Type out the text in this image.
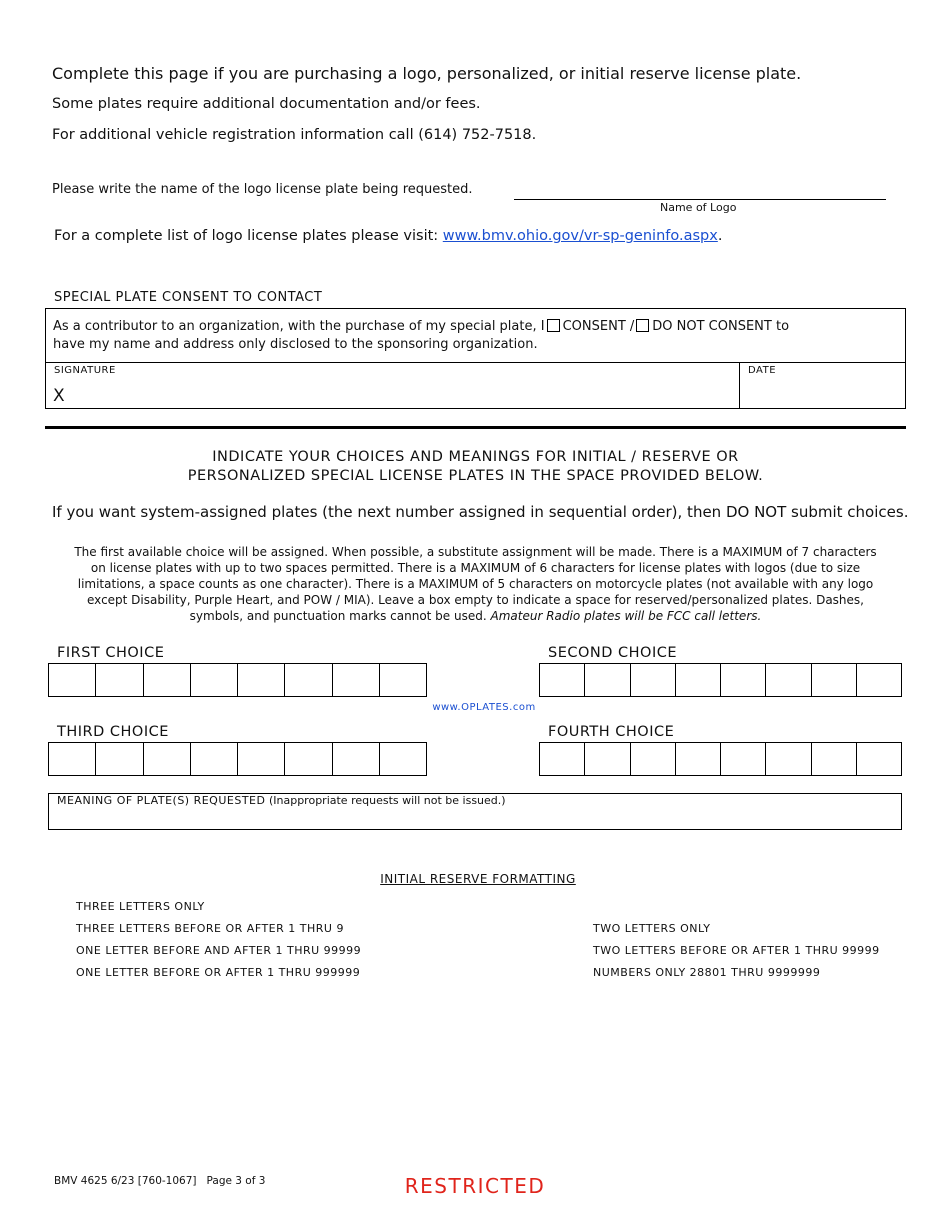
Complete this page if you are purchasing a logo, personalized, or initial reserve license plate.
Some plates require additional documentation and/or fees.
For additional vehicle registration information call (614) 752-7518.
Please write the name of the logo license plate being requested.
Name of Logo
For a complete list of logo license plates please visit: www.bmv.ohio.gov/vr-sp-geninfo.aspx.
SPECIAL PLATE CONSENT TO CONTACT
As a contributor to an organization, with the purchase of my special plate, I CONSENT / DO NOT CONSENT to
have my name and address only disclosed to the sponsoring organization.
SIGNATURE
X
DATE
INDICATE YOUR CHOICES AND MEANINGS FOR INITIAL / RESERVE OR
PERSONALIZED SPECIAL LICENSE PLATES IN THE SPACE PROVIDED BELOW.
If you want system-assigned plates (the next number assigned in sequential order), then DO NOT submit choices.
The first available choice will be assigned. When possible, a substitute assignment will be made. There is a MAXIMUM of 7 characters
on license plates with up to two spaces permitted. There is a MAXIMUM of 6 characters for license plates with logos (due to size
limitations, a space counts as one character). There is a MAXIMUM of 5 characters on motorcycle plates (not available with any logo
except Disability, Purple Heart, and POW / MIA). Leave a box empty to indicate a space for reserved/personalized plates. Dashes,
symbols, and punctuation marks cannot be used. Amateur Radio plates will be FCC call letters.
FIRST CHOICE	SECOND CHOICE
www.OPLATES.com
THIRD CHOICE	FOURTH CHOICE
MEANING OF PLATE(S) REQUESTED (Inappropriate requests will not be issued.)
INITIAL RESERVE FORMATTING
THREE LETTERS ONLY
THREE LETTERS BEFORE OR AFTER 1 THRU 9
ONE LETTER BEFORE AND AFTER 1 THRU 99999
ONE LETTER BEFORE OR AFTER 1 THRU 999999
TWO LETTERS ONLY
TWO LETTERS BEFORE OR AFTER 1 THRU 99999
NUMBERS ONLY 28801 THRU 9999999
BMV 4625 6/23 [760-1067] Page 3 of 3	RESTRICTED
